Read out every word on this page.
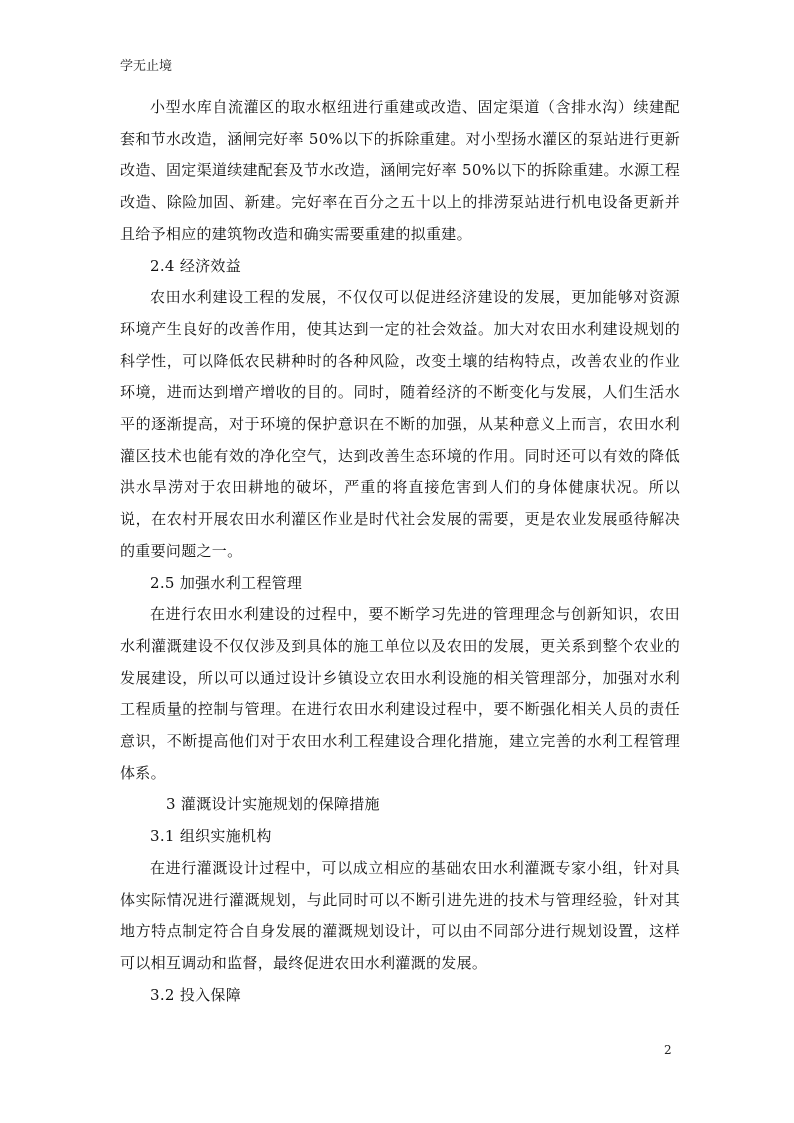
学无止境

小型水库自流灌区的取水枢纽进行重建或改造、固定渠道（含排水沟）续建配套和节水改造，涵闸完好率 50%以下的拆除重建。对小型扬水灌区的泵站进行更新改造、固定渠道续建配套及节水改造，涵闸完好率 50%以下的拆除重建。水源工程改造、除险加固、新建。完好率在百分之五十以上的排涝泵站进行机电设备更新并且给予相应的建筑物改造和确实需要重建的拟重建。

2.4 经济效益

农田水利建设工程的发展，不仅仅可以促进经济建设的发展，更加能够对资源环境产生良好的改善作用，使其达到一定的社会效益。加大对农田水利建设规划的科学性，可以降低农民耕种时的各种风险，改变土壤的结构特点，改善农业的作业环境，进而达到增产增收的目的。同时，随着经济的不断变化与发展，人们生活水平的逐渐提高，对于环境的保护意识在不断的加强，从某种意义上而言，农田水利灌区技术也能有效的净化空气，达到改善生态环境的作用。同时还可以有效的降低洪水旱涝对于农田耕地的破坏，严重的将直接危害到人们的身体健康状况。所以说，在农村开展农田水利灌区作业是时代社会发展的需要，更是农业发展亟待解决的重要问题之一。

2.5 加强水利工程管理

在进行农田水利建设的过程中，要不断学习先进的管理理念与创新知识，农田水利灌溉建设不仅仅涉及到具体的施工单位以及农田的发展，更关系到整个农业的发展建设，所以可以通过设计乡镇设立农田水利设施的相关管理部分，加强对水利工程质量的控制与管理。在进行农田水利建设过程中，要不断强化相关人员的责任意识，不断提高他们对于农田水利工程建设合理化措施，建立完善的水利工程管理体系。

3 灌溉设计实施规划的保障措施

3.1 组织实施机构

在进行灌溉设计过程中，可以成立相应的基础农田水利灌溉专家小组，针对具体实际情况进行灌溉规划，与此同时可以不断引进先进的技术与管理经验，针对其地方特点制定符合自身发展的灌溉规划设计，可以由不同部分进行规划设置，这样可以相互调动和监督，最终促进农田水利灌溉的发展。

3.2 投入保障

2
